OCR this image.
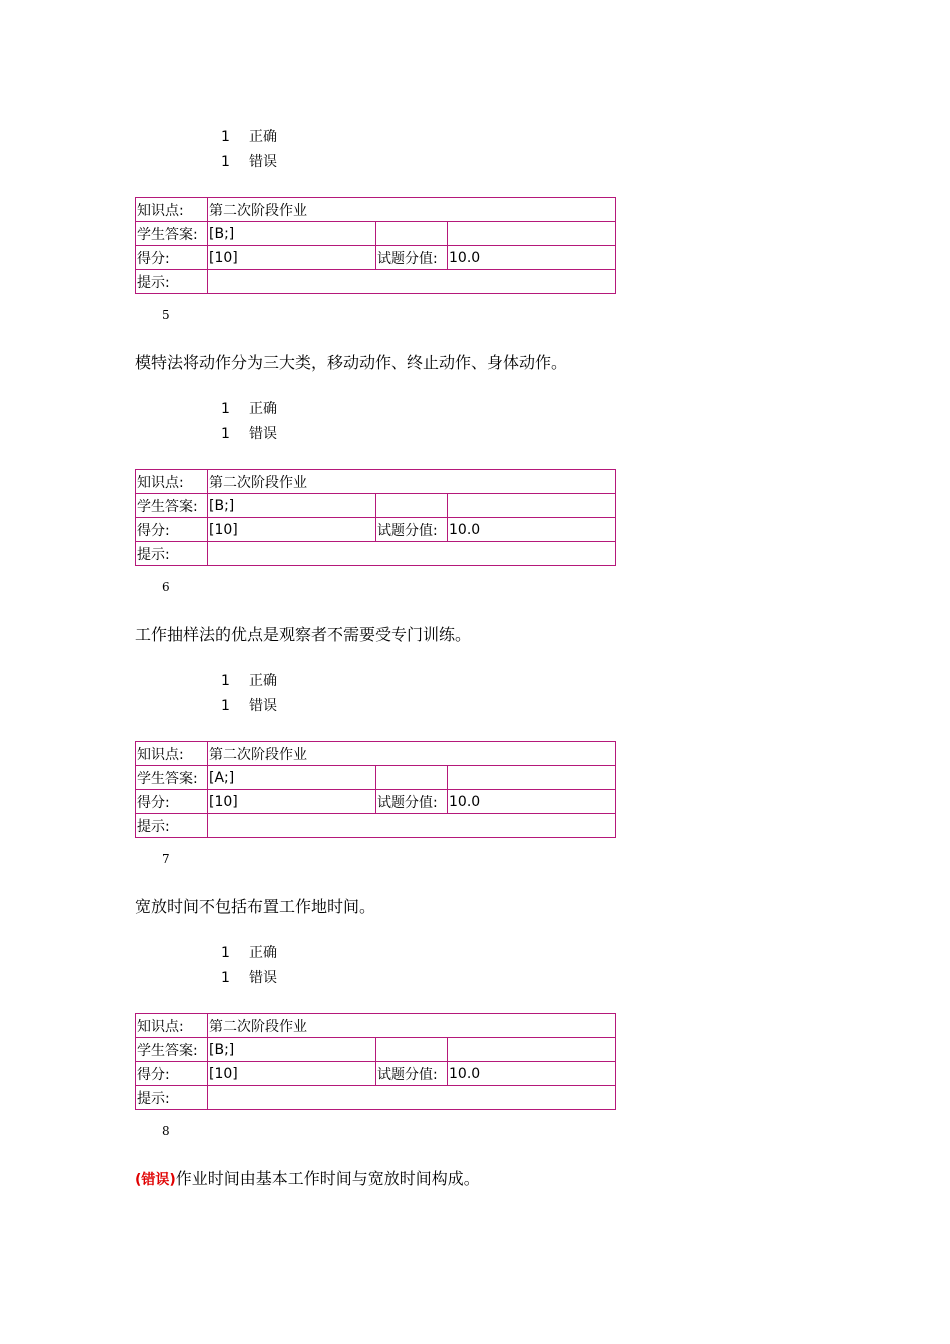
1 正确
1 错误
知识点:	第二次阶段作业		
学生答案:	[B;]		
得分:	[10]	试题分值:	10.0
提示:			
5
模特法将动作分为三大类，移动动作、终止动作、身体动作。
1 正确
1 错误
知识点:	第二次阶段作业		
学生答案:	[B;]		
得分:	[10]	试题分值:	10.0
提示:			
6
工作抽样法的优点是观察者不需要受专门训练。
1 正确
1 错误
知识点:	第二次阶段作业		
学生答案:	[A;]		
得分:	[10]	试题分值:	10.0
提示:			
7
宽放时间不包括布置工作地时间。
1 正确
1 错误
知识点:	第二次阶段作业		
学生答案:	[B;]		
得分:	[10]	试题分值:	10.0
提示:			
8
(错误)作业时间由基本工作时间与宽放时间构成。
